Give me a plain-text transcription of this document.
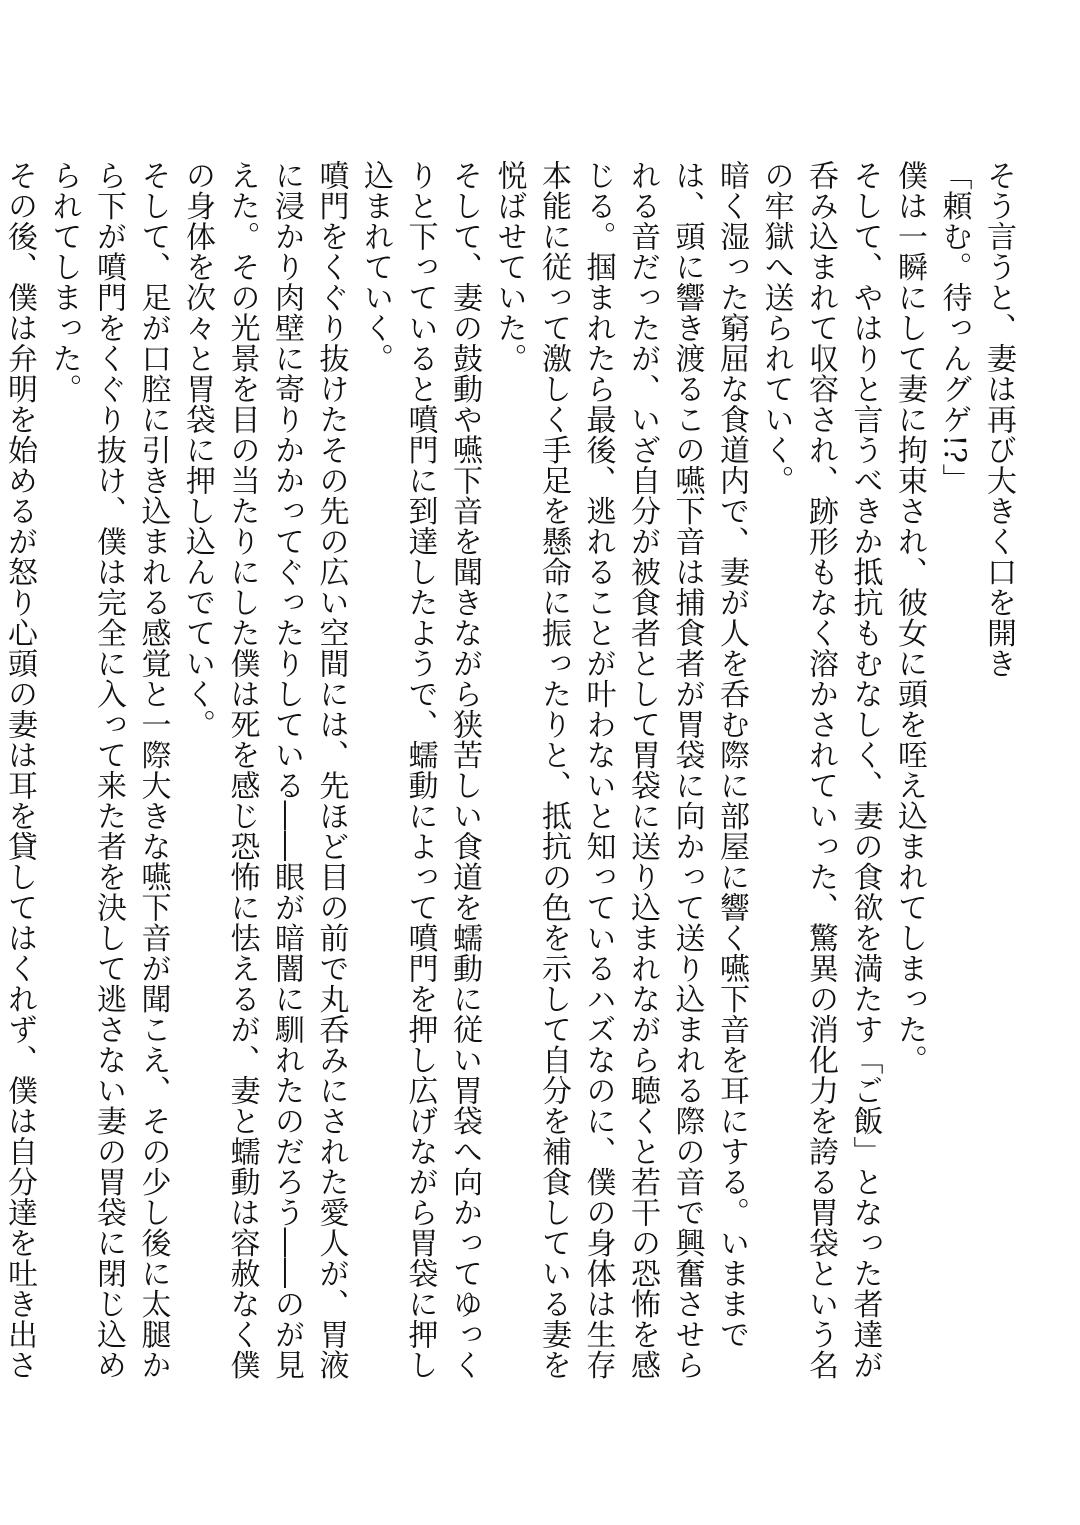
そう言うと、妻は再び大きく口を開き

「頼む。待っんグゲ!?」

僕は一瞬にして妻に拘束され、彼女に頭を咥え込まれてしまった。

そして、やはりと言うべきか抵抗もむなしく、妻の食欲を満たす「ご飯」となった者達が呑み込まれて収容され、跡形もなく溶かされていった、驚異の消化力を誇る胃袋という名の牢獄へ送られていく。

暗く湿った窮屈な食道内で、妻が人を呑む際に部屋に響く嚥下音を耳にする。いままでは、頭に響き渡るこの嚥下音は捕食者が胃袋に向かって送り込まれる際の音で興奮させられる音だったが、いざ自分が被食者として胃袋に送り込まれながら聴くと若干の恐怖を感じる。掴まれたら最後、逃れることが叶わないと知っているハズなのに、僕の身体は生存本能に従って激しく手足を懸命に振ったりと、抵抗の色を示して自分を補食している妻を悦ばせていた。

そして、妻の鼓動や嚥下音を聞きながら狭苦しい食道を蠕動に従い胃袋へ向かってゆっくりと下っていると噴門に到達したようで、蠕動によって噴門を押し広げながら胃袋に押し込まれていく。

噴門をくぐり抜けたその先の広い空間には、先ほど目の前で丸呑みにされた愛人が、胃液に浸かり肉壁に寄りかかってぐったりしている――眼が暗闇に馴れたのだろう――のが見えた。その光景を目の当たりにした僕は死を感じ恐怖に怯えるが、妻と蠕動は容赦なく僕の身体を次々と胃袋に押し込んでていく。

そして、足が口腔に引き込まれる感覚と一際大きな嚥下音が聞こえ、その少し後に太腿から下が噴門をくぐり抜け、僕は完全に入って来た者を決して逃さない妻の胃袋に閉じ込められてしまった。

その後、僕は弁明を始めるが怒り心頭の妻は耳を貸してはくれず、僕は自分達を吐き出さ
